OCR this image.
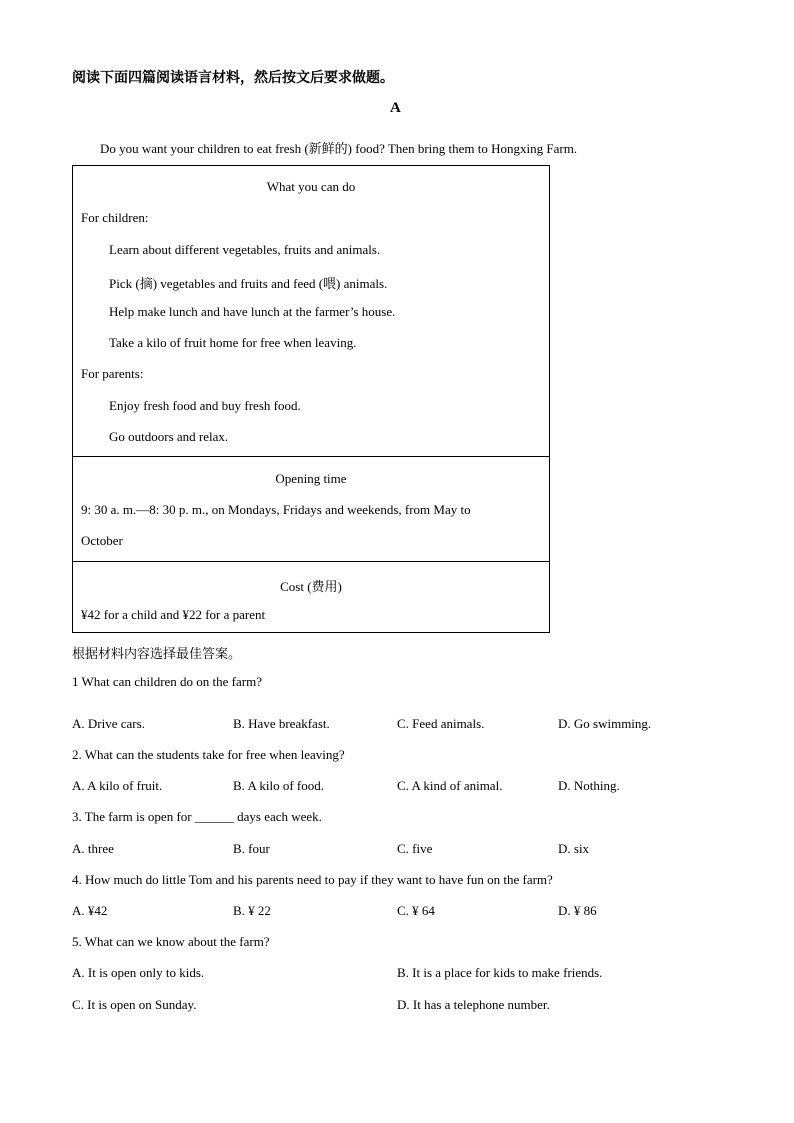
阅读下面四篇阅读语言材料，然后按文后要求做题。
A
Do you want your children to eat fresh (新鲜的) food? Then bring them to Hongxing Farm.
What you can do
For children:
Learn about different vegetables, fruits and animals.
Pick (摘) vegetables and fruits and feed (喂) animals.
Help make lunch and have lunch at the farmer’s house.
Take a kilo of fruit home for free when leaving.
For parents:
Enjoy fresh food and buy fresh food.
Go outdoors and relax.
Opening time
9: 30 a. m.—8: 30 p. m., on Mondays, Fridays and weekends, from May to
October
Cost (费用)
¥42 for a child and ¥22 for a parent
根据材料内容选择最佳答案。
1 What can children do on the farm?
A. Drive cars.	B. Have breakfast.	C. Feed animals.	D. Go swimming.
2. What can the students take for free when leaving?
A. A kilo of fruit.	B. A kilo of food.	C. A kind of animal.	D. Nothing.
3. The farm is open for ______ days each week.
A. three	B. four	C. five	D. six
4. How much do little Tom and his parents need to pay if they want to have fun on the farm?
A. ¥42	B. ¥ 22	C. ¥ 64	D. ¥ 86
5. What can we know about the farm?
A. It is open only to kids.	B. It is a place for kids to make friends.
C. It is open on Sunday.	D. It has a telephone number.
